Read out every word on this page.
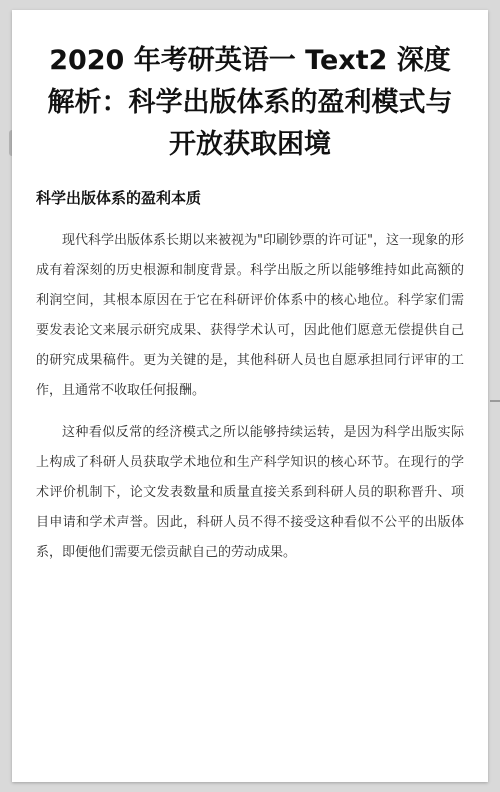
2020 年考研英语一 Text2 深度解析：科学出版体系的盈利模式与开放获取困境
科学出版体系的盈利本质

现代科学出版体系长期以来被视为"印刷钞票的许可证"，这一现象的形成有着深刻的历史根源和制度背景。科学出版之所以能够维持如此高额的利润空间，其根本原因在于它在科研评价体系中的核心地位。科学家们需要发表论文来展示研究成果、获得学术认可，因此他们愿意无偿提供自己的研究成果稿件。更为关键的是，其他科研人员也自愿承担同行评审的工作，且通常不收取任何报酬。

这种看似反常的经济模式之所以能够持续运转，是因为科学出版实际上构成了科研人员获取学术地位和生产科学知识的核心环节。在现行的学术评价机制下，论文发表数量和质量直接关系到科研人员的职称晋升、项目申请和学术声誉。因此，科研人员不得不接受这种看似不公平的出版体系，即便他们需要无偿贡献自己的劳动成果。
